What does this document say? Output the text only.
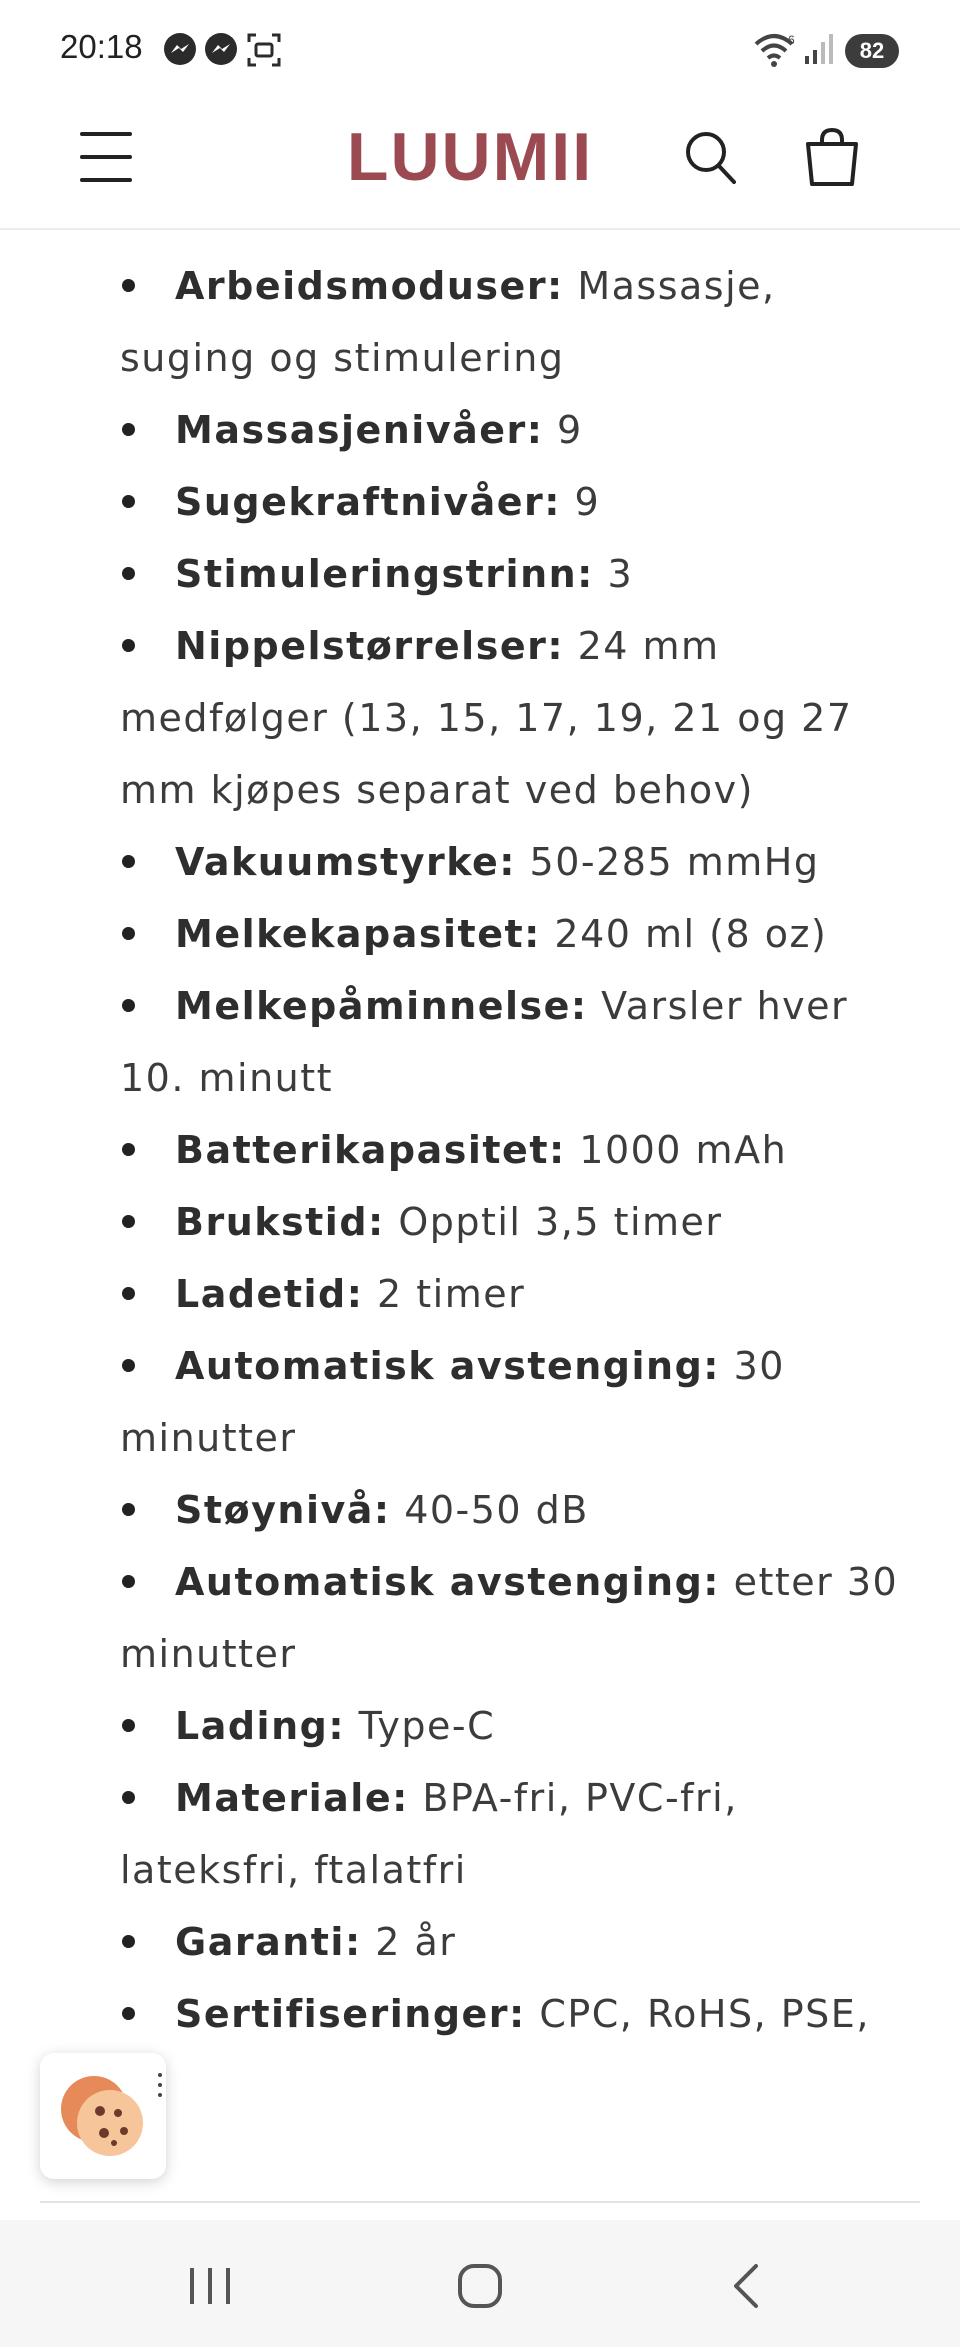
20:18	6	82
LUUMII
Arbeidsmoduser: Massasje, suging og stimulering
Massasjenivåer: 9
Sugekraftnivåer: 9
Stimuleringstrinn: 3
Nippelstørrelser: 24 mm medfølger (13, 15, 17, 19, 21 og 27 mm kjøpes separat ved behov)
Vakuumstyrke: 50-285 mmHg
Melkekapasitet: 240 ml (8 oz)
Melkepåminnelse: Varsler hver 10. minutt
Batterikapasitet: 1000 mAh
Brukstid: Opptil 3,5 timer
Ladetid: 2 timer
Automatisk avstenging: 30 minutter
Støynivå: 40-50 dB
Automatisk avstenging: etter 30 minutter
Lading: Type-C
Materiale: BPA-fri, PVC-fri, lateksfri, ftalatfri
Garanti: 2 år
Sertifiseringer: CPC, RoHS, PSE,
